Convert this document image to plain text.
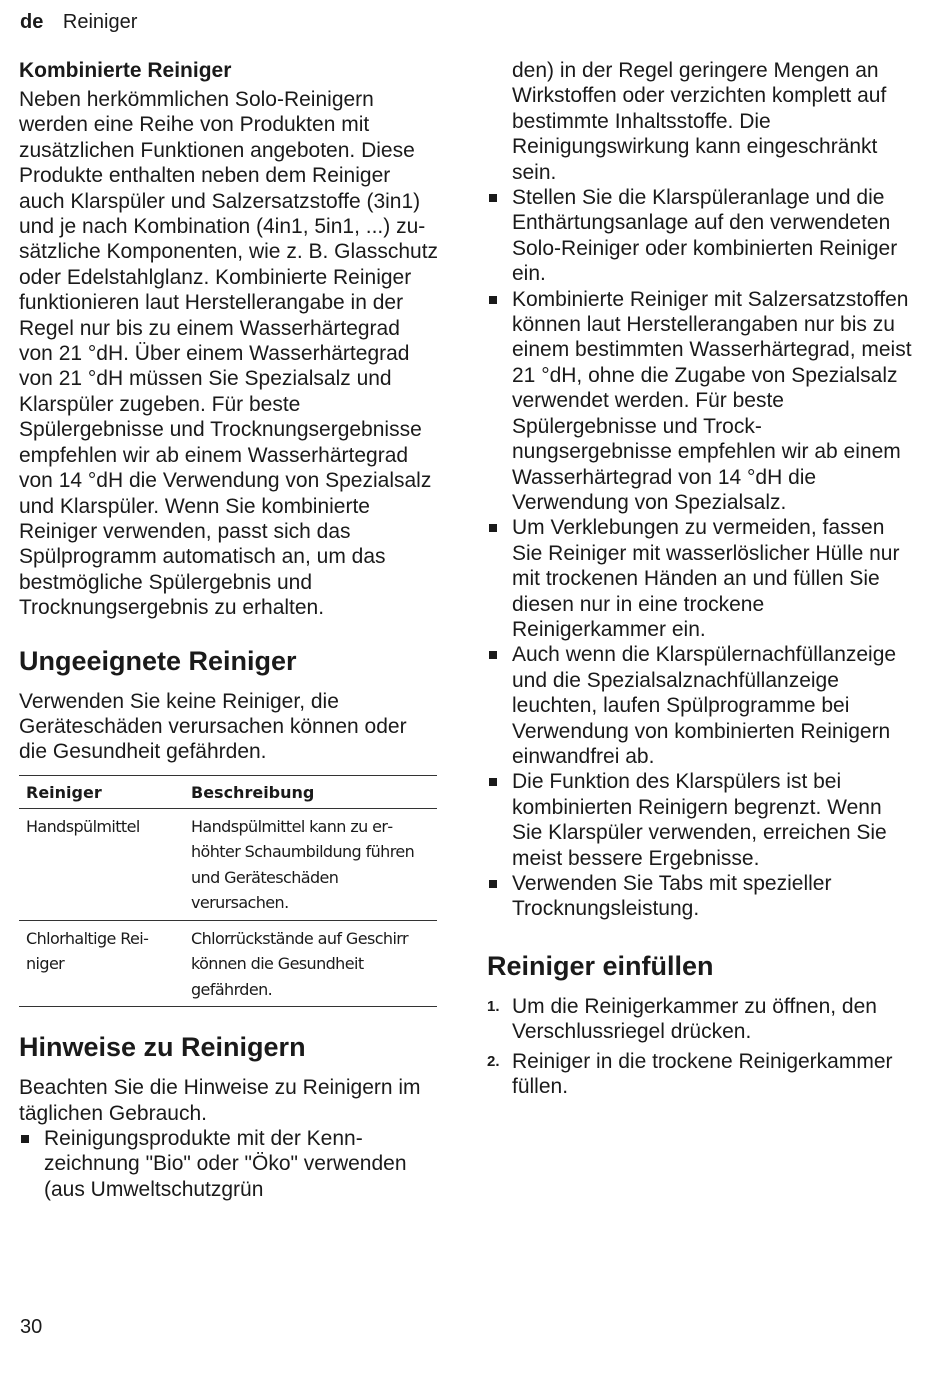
de Reiniger
Kombinierte Reiniger

Neben herkömmlichen Solo-Reinigern werden eine Reihe von Produkten mit zusätzlichen Funktionen angeboten. Diese Produkte enthalten neben dem Reiniger auch Klarspüler und Salzersatzstoffe (3in1) und je nach Kombination (4in1, 5in1, ...) zusätzliche Komponenten, wie z. B. Glasschutz oder Edelstahlglanz. Kombinierte Reiniger funktionieren laut Herstellerangabe in der Regel nur bis zu einem Wasserhärtegrad von 21 °dH. Über einem Wasserhärtegrad von 21 °dH müssen Sie Spezialsalz und Klarspüler zugeben. Für beste Spülergebnisse und Trocknungsergebnisse empfehlen wir ab einem Wasserhärtegrad von 14 °dH die Verwendung von Spezialsalz und Klarspüler. Wenn Sie kombinierte Reiniger verwenden, passt sich das Spülprogramm automatisch an, um das bestmögliche Spülergebnis und Trocknungsergebnis zu erhalten.

Ungeeignete Reiniger

Verwenden Sie keine Reiniger, die Geräteschäden verursachen können oder die Gesundheit gefährden.

Reiniger	Beschreibung
Handspülmittel	Handspülmittel kann zu erhöhter Schaumbildung führen und Geräteschäden verursachen.
Chlorhaltige Reiniger	Chlorrückstände auf Geschirr können die Gesundheit gefährden.
Hinweise zu Reinigern

Beachten Sie die Hinweise zu Reinigern im täglichen Gebrauch.

Reinigungsprodukte mit der Kennzeichnung "Bio" oder "Öko" verwenden (aus Umweltschutzgrün

den) in der Regel geringere Mengen an Wirkstoffen oder verzichten komplett auf bestimmte Inhaltsstoffe. Die Reinigungswirkung kann eingeschränkt sein.

Stellen Sie die Klarspüleranlage und die Enthärtungsanlage auf den verwendeten Solo-Reiniger oder kombinierten Reiniger ein.
Kombinierte Reiniger mit Salzersatzstoffen können laut Herstellerangaben nur bis zu einem bestimmten Wasserhärtegrad, meist 21 °dH, ohne die Zugabe von Spezialsalz verwendet werden. Für beste Spülergebnisse und Trocknungsergebnisse empfehlen wir ab einem Wasserhärtegrad von 14 °dH die Verwendung von Spezialsalz.
Um Verklebungen zu vermeiden, fassen Sie Reiniger mit wasserlöslicher Hülle nur mit trockenen Händen an und füllen Sie diesen nur in eine trockene Reinigerkammer ein.
Auch wenn die Klarspülernachfüllanzeige und die Spezialsalznachfüllanzeige leuchten, laufen Spülprogramme bei Verwendung von kombinierten Reinigern einwandfrei ab.
Die Funktion des Klarspülers ist bei kombinierten Reinigern begrenzt. Wenn Sie Klarspüler verwenden, erreichen Sie meist bessere Ergebnisse.
Verwenden Sie Tabs mit spezieller Trocknungsleistung.
Reiniger einfüllen
1. Um die Reinigerkammer zu öffnen, den Verschlussriegel drücken.
2. Reiniger in die trockene Reinigerkammer füllen.
30
